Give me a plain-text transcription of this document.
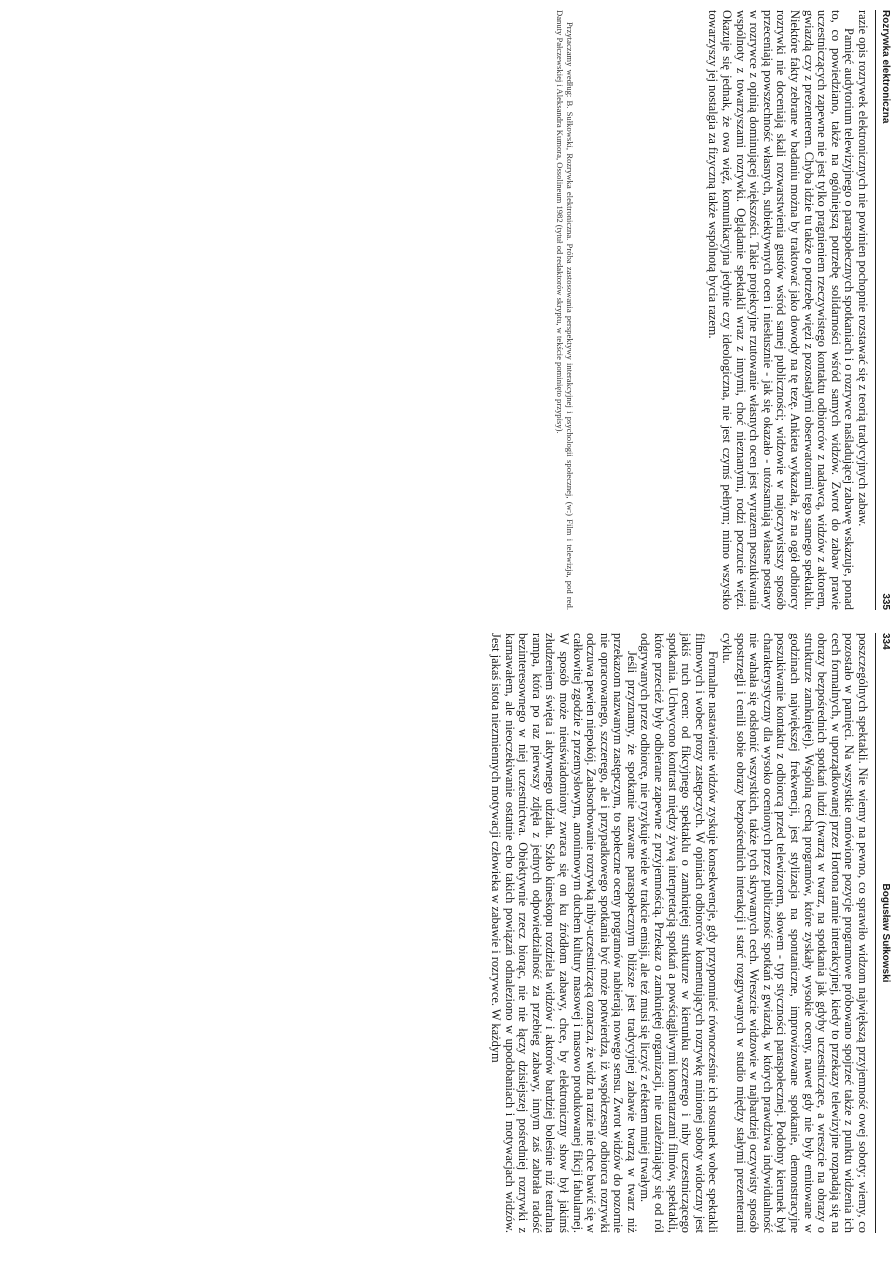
Rozrywka elektroniczna
335

razie opis rozrywek elektronicznych nie powinien pochopnie rozstawać się z teorią tradycyjnych zabaw.

Pamięć audytorium telewizyjnego o paraspołecznych spotkaniach i o rozrywce naśladującej zabawę wskazuje, ponad to, co powiedziano, także na ogólniejszą potrzebę solidarności wśród samych widzów. Zwrot do zabaw prawie uczestniczących zapewne nie jest tylko pragnieniem rzeczywistego kontaktu odbiorców z nadawcą, widzów z aktorem, gwiazdą czy z prezenterem. Chyba idzie tu także o potrzebę więzi z pozostałymi obserwatorami tego samego spektaklu. Niektóre fakty zebrane w badaniu można by traktować jako dowody na tę tezę. Ankieta wykazała, że na ogół odbiorcy rozrywki nie doceniają skali rozwarstwienia gustów wśród samej publiczności; widzowie w najoczywistszy sposób przeceniają powszechność własnych, subiektywnych ocen i niesłusznie - jak się okazało - utożsamiają własne postawy w rozrywce z opinią dominującej większości. Takie projekcyjne rzutowanie własnych ocen jest wyrazem poszukiwania wspólnoty z towarzyszami rozrywki. Oglądanie spektakli wraz z innymi, choć nieznanymi, rodzi poczucie więzi. Okazuje się jednak, że owa więź, komunikacyjna jedynie czy ideologiczna, nie jest czymś pełnym; mimo wszystko towarzyszy jej nostalgia za fizyczną także wspólnotą bycia razem.

Przytaczamy według: B. Sułkowski, Rozrywka elektroniczna. Próba zastosowania perspektywy interakcyjnej i psychologii społecznej, (w:) Film i telewizja, pod red. Danuty Pałczewskiej i Aleksandra Kumora, Ossolineum 1982 (tytuł od redaktorów skryptu, w tekście pominięto przypisy).

334
Bogusław Sułkowski

poszczególnych spektakli. Nie wiemy na pewno, co sprawiło widzom największą przyjemność owej soboty; wiemy, co pozostało w pamięci. Na wszystkie omówione pozycje programowe próbowano spojrzeć także z punktu widzenia ich cech formalnych, w uporządkowanej przez Hortona ramie interakcyjnej, kiedy to przekazy telewizyjne rozpadają się na obrazy bezpośrednich spotkań ludzi (twarzą w twarz, na spotkania jak gdyby uczestniczące, a wreszcie na obrazy o strukturze zamkniętej). Wspólną cechą programów, które zyskały wysokie oceny, nawet gdy nie były emitowane w godzinach największej frekwencji, jest stylizacja na spontaniczne, improwizowane spotkanie, demonstracyjne poszukiwanie kontaktu z odbiorcą przed telewizorem, słowem - typ styczności paraspołecznej. Podobny kierunek był charakterystyczny dla wysoko ocenionych przez publiczność spotkań z gwiazdą, w których prawdziwa indywidualność nie wahała się odsłonić wszystkich, także tych skrywanych cech. Wreszcie widzowie w najbardziej oczywisty sposób spostrzegli i cenili sobie obrazy bezpośrednich interakcji i starć rozgrywanych w studio między stałymi prezenterami cyklu.

Formalne nastawienie widzów zyskuje konsekwencje, gdy przypomnieć równocześnie ich stosunek wobec spektakli filmowych i wobec prozy zastępczych. W opiniach odbiorców komentujących rozrywkę minionej soboty widoczny jest jakiś ruch ocen: od fikcyjnego spektaklu o zamkniętej strukturze w kierunku szczerego i niby uczestniczącego spotkania. Uchwycono kontrast między żywą interpretacją spotkań a powściągliwymi komentarzami filmów, spektakli, które przecież były odbierane zapewne z przyjemnością. Przekaz o zamkniętej organizacji, nie uzależniający się od ról odgrywanych przez odbiorcę, nie ryzykuje wiele w trakcie emisji, ale też musi się liczyć z efektem mniej trwałym.

Jeśli przyznamy, że spotkanie nazwane paraspołecznym bliższe jest tradycyjnej zabawie twarzą w twarz niż przekazom nazwanym zastępczym, to społeczne oceny programów nabierają nowego sensu. Zwrot widzów do pozornie nie opracowanego, szczerego, ale i przypadkowego spotkania być może potwierdza, iż współczesny odbiorca rozrywki odczuwa pewien niepokój. Zaabsorbowanie rozrywką niby-uczestniczącą oznacza, że widz na razie nie chce bawić się w całkowitej zgodzie z przemysłowym, anonimowym duchem kultury masowej i masowo produkowanej fikcji fabularnej. W sposób może nieuświadomiony zwraca się on ku źródłom zabawy, chce, by elektroniczny show był jakimś złudzeniem święta i aktywnego udziału. Szkło kineskopu rozdziela widzów i aktorów bardziej boleśnie niż teatralna rampa, która po raz pierwszy zdjęła z jednych odpowiedzialność za przebieg zabawy, innym zaś zabrała radość bezinteresownego w niej uczestnictwa. Obiektywnie rzecz biorąc, nie nie łączy dzisiejszej pośredniej rozrywki z karnawałem, ale nieoczekiwanie ostatnie echo takich powiązań odnaleziono w upodobaniach i motywacjach widzów. Jest jakaś istota niezmiennych motywacji człowieka w zabawie i rozrywce. W każdym
